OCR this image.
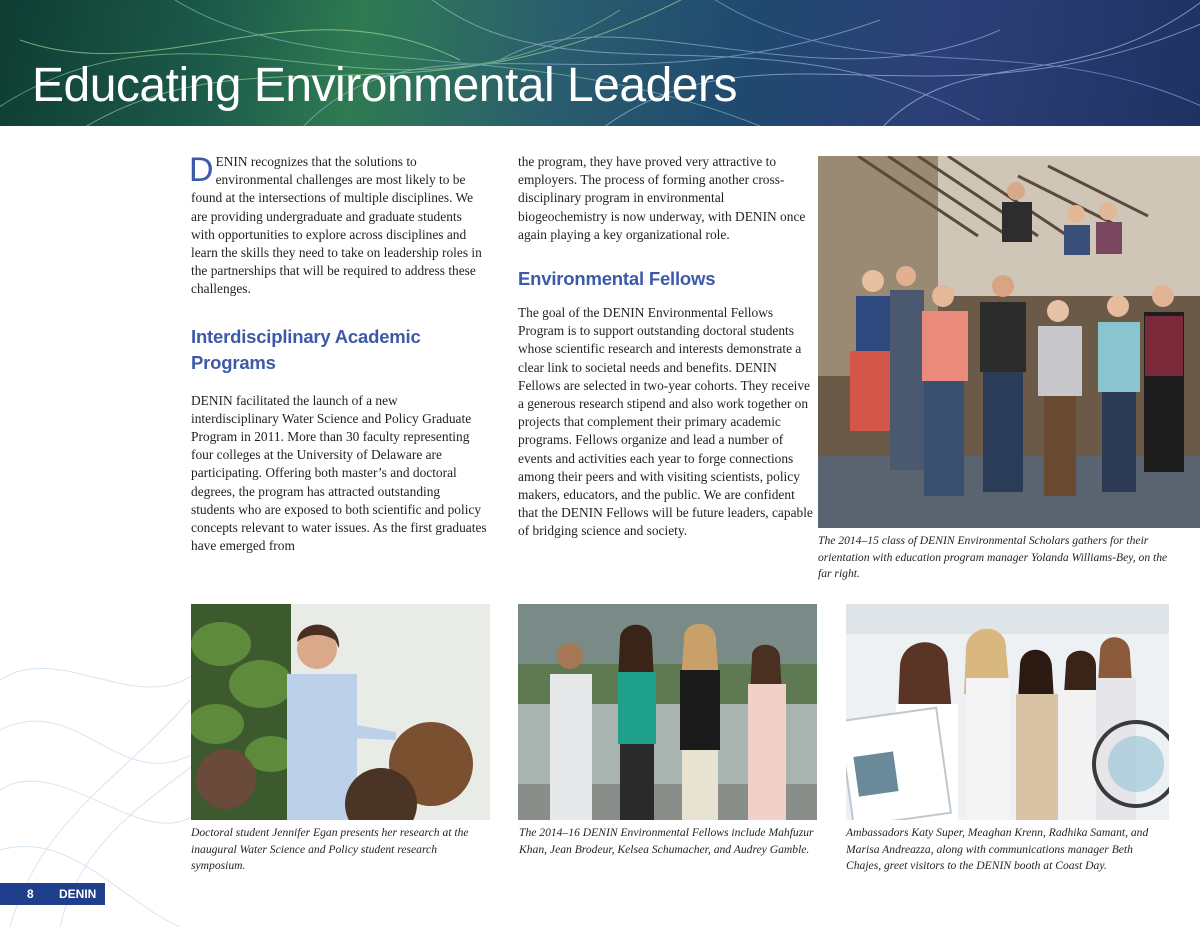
Educating Environmental Leaders

DENIN recognizes that the solutions to environmental challenges are most likely to be found at the intersections of multiple disciplines. We are providing undergraduate and graduate students with opportunities to explore across disciplines and learn the skills they need to take on leadership roles in the partnerships that will be required to address these challenges.

Interdisciplinary Academic Programs

DENIN facilitated the launch of a new interdisciplinary Water Science and Policy Graduate Program in 2011. More than 30 faculty representing four colleges at the University of Delaware are participating. Offering both master’s and doctoral degrees, the program has attracted outstanding students who are exposed to both scientific and policy concepts relevant to water issues. As the first graduates have emerged from

the program, they have proved very attractive to employers. The process of forming another cross-disciplinary program in environmental biogeochemistry is now underway, with DENIN once again playing a key organizational role.

Environmental Fellows

The goal of the DENIN Environmental Fellows Program is to support outstanding doctoral students whose scientific research and interests demonstrate a clear link to societal needs and benefits. DENIN Fellows are selected in two-year cohorts. They receive a generous research stipend and also work together on projects that complement their primary academic programs. Fellows organize and lead a number of events and activities each year to forge connections among their peers and with visiting scientists, policy makers, educators, and the public. We are confident that the DENIN Fellows will be future leaders, capable of bridging science and society.

The 2014–15 class of DENIN Environmental Scholars gathers for their orientation with education program manager Yolanda Williams-Bey, on the far right.
Doctoral student Jennifer Egan presents her research at the inaugural Water Science and Policy student research symposium.
The 2014–16 DENIN Environmental Fellows include Mahfuzur Khan, Jean Brodeur, Kelsea Schumacher, and Audrey Gamble.
Ambassadors Katy Super, Meaghan Krenn, Radhika Samant, and Marisa Andreazza, along with communications manager Beth Chajes, greet visitors to the DENIN booth at Coast Day.
8 DENIN
